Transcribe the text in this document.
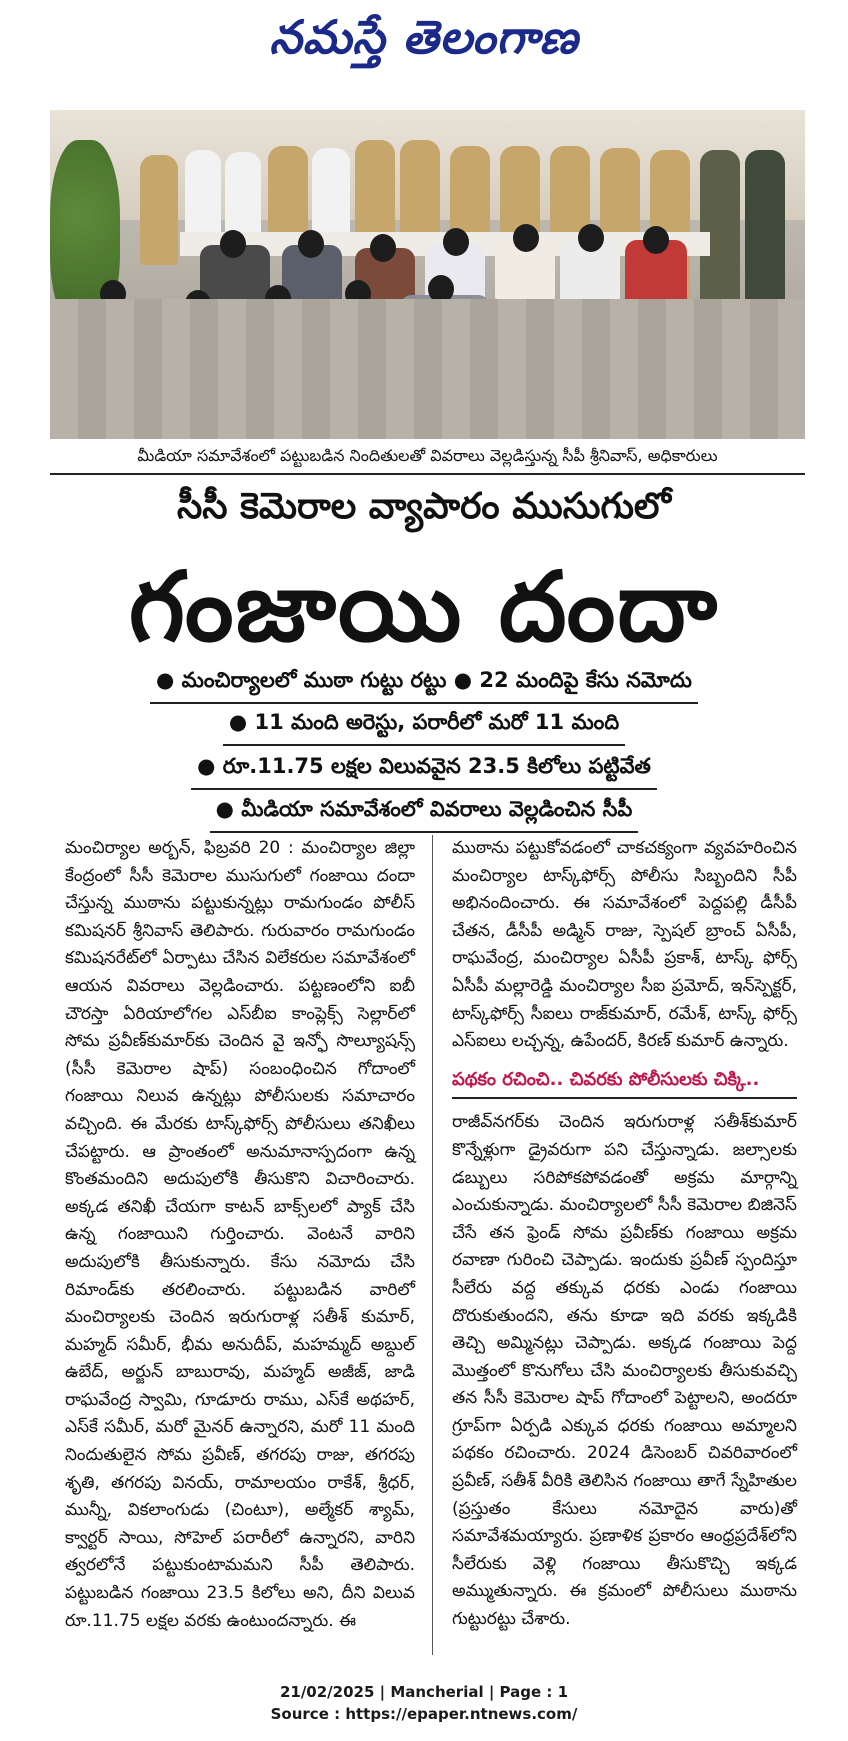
నమస్తే తెలంగాణ
మీడియా సమావేశంలో పట్టుబడిన నిందితులతో వివరాలు వెల్లడిస్తున్న సీపీ శ్రీనివాస్‌, అధికారులు
సీసీ కెమెరాల వ్యాపారం ముసుగులో
గంజాయి దందా
● మంచిర్యాలలో ముఠా గుట్టు రట్టు ● 22 మందిపై కేసు నమోదు
● 11 మంది అరెస్టు, పరారీలో మరో 11 మంది
● రూ.11.75 లక్షల విలువవైన 23.5 కిలోలు పట్టివేత
● మీడియా సమావేశంలో వివరాలు వెల్లడించిన సీపీ

మంచిర్యాల అర్బన్‌, ఫిబ్రవరి 20 : మంచిర్యాల జిల్లా కేంద్రంలో సీసీ కెమెరాల ముసుగులో గంజాయి దందా చేస్తున్న ముఠాను పట్టుకున్నట్లు రామగుండం పోలీస్‌ కమిషనర్‌ శ్రీనివాస్‌ తెలిపారు. గురువారం రామగుండం కమిషనరేట్‌లో ఏర్పాటు చేసిన విలేకరుల సమావేశంలో ఆయన వివరాలు వెల్లడించారు. పట్టణంలోని ఐబీ చౌరస్తా ఏరియాలోగల ఎస్‌బీఐ కాంప్లెక్స్‌ సెల్లార్‌లో సోమ ప్రవీణ్‌కుమార్‌కు చెందిన వై ఇన్ఫో సొల్యూషన్స్‌ (సీసీ కెమెరాల షాప్‌) సంబంధించిన గోదాంలో గంజాయి నిలువ ఉన్నట్లు పోలీసులకు సమాచారం వచ్చింది. ఈ మేరకు టాస్క్‌ఫోర్స్‌ పోలీసులు తనిఖీలు చేపట్టారు. ఆ ప్రాంతంలో అనుమానాస్పదంగా ఉన్న కొంతమందిని అదుపులోకి తీసుకొని విచారించారు. అక్కడ తనిఖీ చేయగా కాటన్‌ బాక్స్‌లలో ప్యాక్‌ చేసి ఉన్న గంజాయిని గుర్తించారు. వెంటనే వారిని అదుపులోకి తీసుకున్నారు. కేసు నమోదు చేసి రిమాండ్‌కు తరలించారు. పట్టుబడిన వారిలో మంచిర్యాలకు చెందిన ఇరుగురాళ్ల సతీశ్‌ కుమార్‌, మహ్మద్‌ సమీర్‌, భీమ అనుదీప్‌, మహమ్మద్‌ అబ్దుల్‌ ఉబేద్‌, అర్జున్‌ బాబురావు, మహ్మద్‌ అజీజ్‌, జాడి రాఘవేంద్ర స్వామి, గూడూరు రాము, ఎస్‌కే అథహర్‌, ఎస్‌కే సమీర్‌, మరో మైనర్‌ ఉన్నారని, మరో 11 మంది నిందుతులైన సోమ ప్రవీణ్‌, తగరపు రాజు, తగరపు శృతి, తగరపు వినయ్‌, రామాలయం రాకేశ్‌, శ్రీధర్‌, మున్నీ, వికలాంగుడు (చింటూ), అల్మేకర్‌ శ్యామ్‌, క్వార్టర్‌ సాయి, సోహెల్‌ పరారీలో ఉన్నారని, వారిని త్వరలోనే పట్టుకుంటామమని సీపీ తెలిపారు. పట్టుబడిన గంజాయి 23.5 కిలోలు అని, దీని విలువ రూ.11.75 లక్షల వరకు ఉంటుందన్నారు. ఈ

ముఠాను పట్టుకోవడంలో చాకచక్యంగా వ్యవహరించిన మంచిర్యాల టాస్క్‌ఫోర్స్‌ పోలీసు సిబ్బందిని సీపీ అభినందించారు. ఈ సమావేశంలో పెద్దపల్లి డీసీపీ చేతన, డీసీపీ అడ్మిన్‌ రాజు, స్పెషల్‌ బ్రాంచ్‌ ఏసీపీ, రాఘవేంద్ర, మంచిర్యాల ఏసీపీ ప్రకాశ్‌, టాస్క్‌ ఫోర్స్‌ ఏసీపీ మల్లారెడ్డి మంచిర్యాల సీఐ ప్రమోద్‌, ఇన్‌స్పెక్టర్‌, టాస్క్‌ఫోర్స్‌ సీఐలు రాజ్‌కుమార్‌, రమేశ్‌, టాస్క్‌ ఫోర్స్‌ ఎస్‌ఐలు లచ్చన్న, ఉపేందర్‌, కిరణ్‌ కుమార్‌ ఉన్నారు.

పథకం రచించి.. చివరకు పోలీసులకు చిక్కి..

రాజీవ్‌నగర్‌కు చెందిన ఇరుగురాళ్ల సతీశ్‌కుమార్‌ కొన్నేళ్లుగా డ్రైవరుగా పని చేస్తున్నాడు. జల్సాలకు డబ్బులు సరిపోకపోవడంతో అక్రమ మార్గాన్ని ఎంచుకున్నాడు. మంచిర్యాలలో సీసీ కెమెరాల బిజినెస్‌ చేసే తన ఫ్రెండ్‌ సోమ ప్రవీణ్‌కు గంజాయి అక్రమ రవాణా గురించి చెప్పాడు. ఇందుకు ప్రవీణ్‌ స్పందిస్తూ సీలేరు వద్ద తక్కువ ధరకు ఎండు గంజాయి దొరుకుతుందని, తను కూడా ఇది వరకు ఇక్కడికి తెచ్చి అమ్మినట్లు చెప్పాడు. అక్కడ గంజాయి పెద్ద మొత్తంలో కొనుగోలు చేసి మంచిర్యాలకు తీసుకువచ్చి తన సీసీ కెమెరాల షాప్‌ గోదాంలో పెట్టాలని, అందరూ గ్రూప్‌గా ఏర్పడి ఎక్కువ ధరకు గంజాయి అమ్మాలని పథకం రచించారు. 2024 డిసెంబర్‌ చివరివారంలో ప్రవీణ్‌, సతీశ్‌ వీరికి తెలిసిన గంజాయి తాగే స్నేహితుల (ప్రస్తుతం కేసులు నమోదైన వారు)తో సమావేశమయ్యారు. ప్రణాళిక ప్రకారం ఆంధ్రప్రదేశ్‌లోని సీలేరుకు వెళ్లి గంజాయి తీసుకొచ్చి ఇక్కడ అమ్ముతున్నారు. ఈ క్రమంలో పోలీసులు ముఠాను గుట్టురట్టు చేశారు.

21/02/2025 | Mancherial | Page : 1
Source : https://epaper.ntnews.com/
